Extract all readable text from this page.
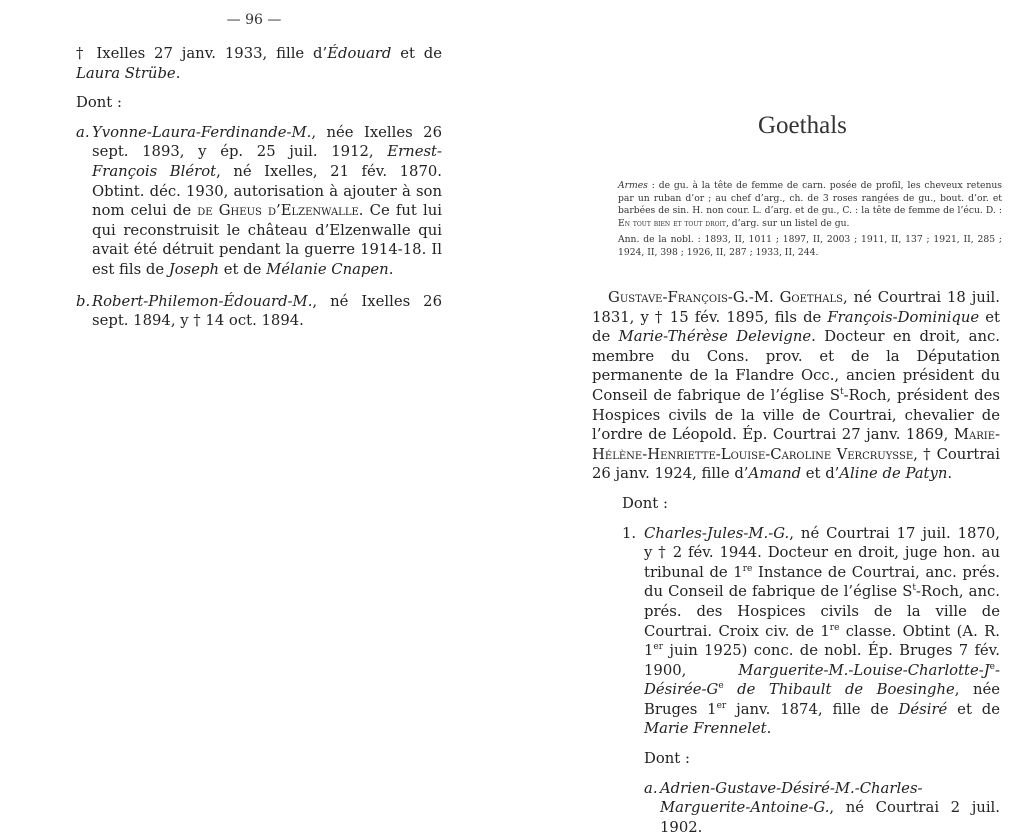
— 96 —

† Ixelles 27 janv. 1933, fille d’Édouard et de Laura Strübe.

Dont :

a. Yvonne-Laura-Ferdinande-M., née Ixelles 26 sept. 1893, y ép. 25 juil. 1912, Ernest-François Blérot, né Ixelles, 21 fév. 1870. Obtint. déc. 1930, autorisation à ajouter à son nom celui de de Gheus d’Elzenwalle. Ce fut lui qui reconstruisit le château d’Elzenwalle qui avait été détruit pendant la guerre 1914-18. Il est fils de Joseph et de Mélanie Cnapen.
b. Robert-Philemon-Édouard-M., né Ixelles 26 sept. 1894, y † 14 oct. 1894.
Goethals
Armes : de gu. à la tête de femme de carn. posée de profil, les cheveux retenus par un ruban d’or ; au chef d’arg., ch. de 3 roses rangées de gu., bout. d’or. et barbées de sin. H. non cour. L. d’arg. et de gu., C. : la tête de femme de l’écu. D. : En tout bien et tout droit, d’arg. sur un listel de gu.
Ann. de la nobl. : 1893, II, 1011 ; 1897, II, 2003 ; 1911, II, 137 ; 1921, II, 285 ; 1924, II, 398 ; 1926, II, 287 ; 1933, II, 244.

Gustave-François-G.-M. Goethals, né Courtrai 18 juil. 1831, y † 15 fév. 1895, fils de François-Dominique et de Marie-Thérèse Delevigne. Docteur en droit, anc. membre du Cons. prov. et de la Députation permanente de la Flandre Occ., ancien président du Conseil de fabrique de l’église $S^t$-Roch, président des Hospices civils de la ville de Courtrai, chevalier de l’ordre de Léopold. Ép. Courtrai 27 janv. 1869, Marie-Hélène-Henriette-Louise-Caroline Vercruysse, † Courtrai 26 janv. 1924, fille d’Amand et d’Aline de Patyn.

Dont :

1. Charles-Jules-M.-G., né Courtrai 17 juil. 1870, y † 2 fév. 1944. Docteur en droit, juge hon. au tribunal de 1re Instance de Courtrai, anc. prés. du Conseil de fabrique de l’église $S^t$-Roch, anc. prés. des Hospices civils de la ville de Courtrai. Croix civ. de 1re classe. Obtint (A. R. 1er juin 1925) conc. de nobl. Ép. Bruges 7 fév. 1900, Marguerite-$M.-Louise-Charlotte-J^e-Désirée-G^e$ de Thibault de Boesinghe, née Bruges 1er janv. 1874, fille de Désiré et de Marie Frennelet.

Dont :

a. Adrien-Gustave-Désiré-M.-Charles-Marguerite-Antoine-G., né Courtrai 2 juil. 1902.
